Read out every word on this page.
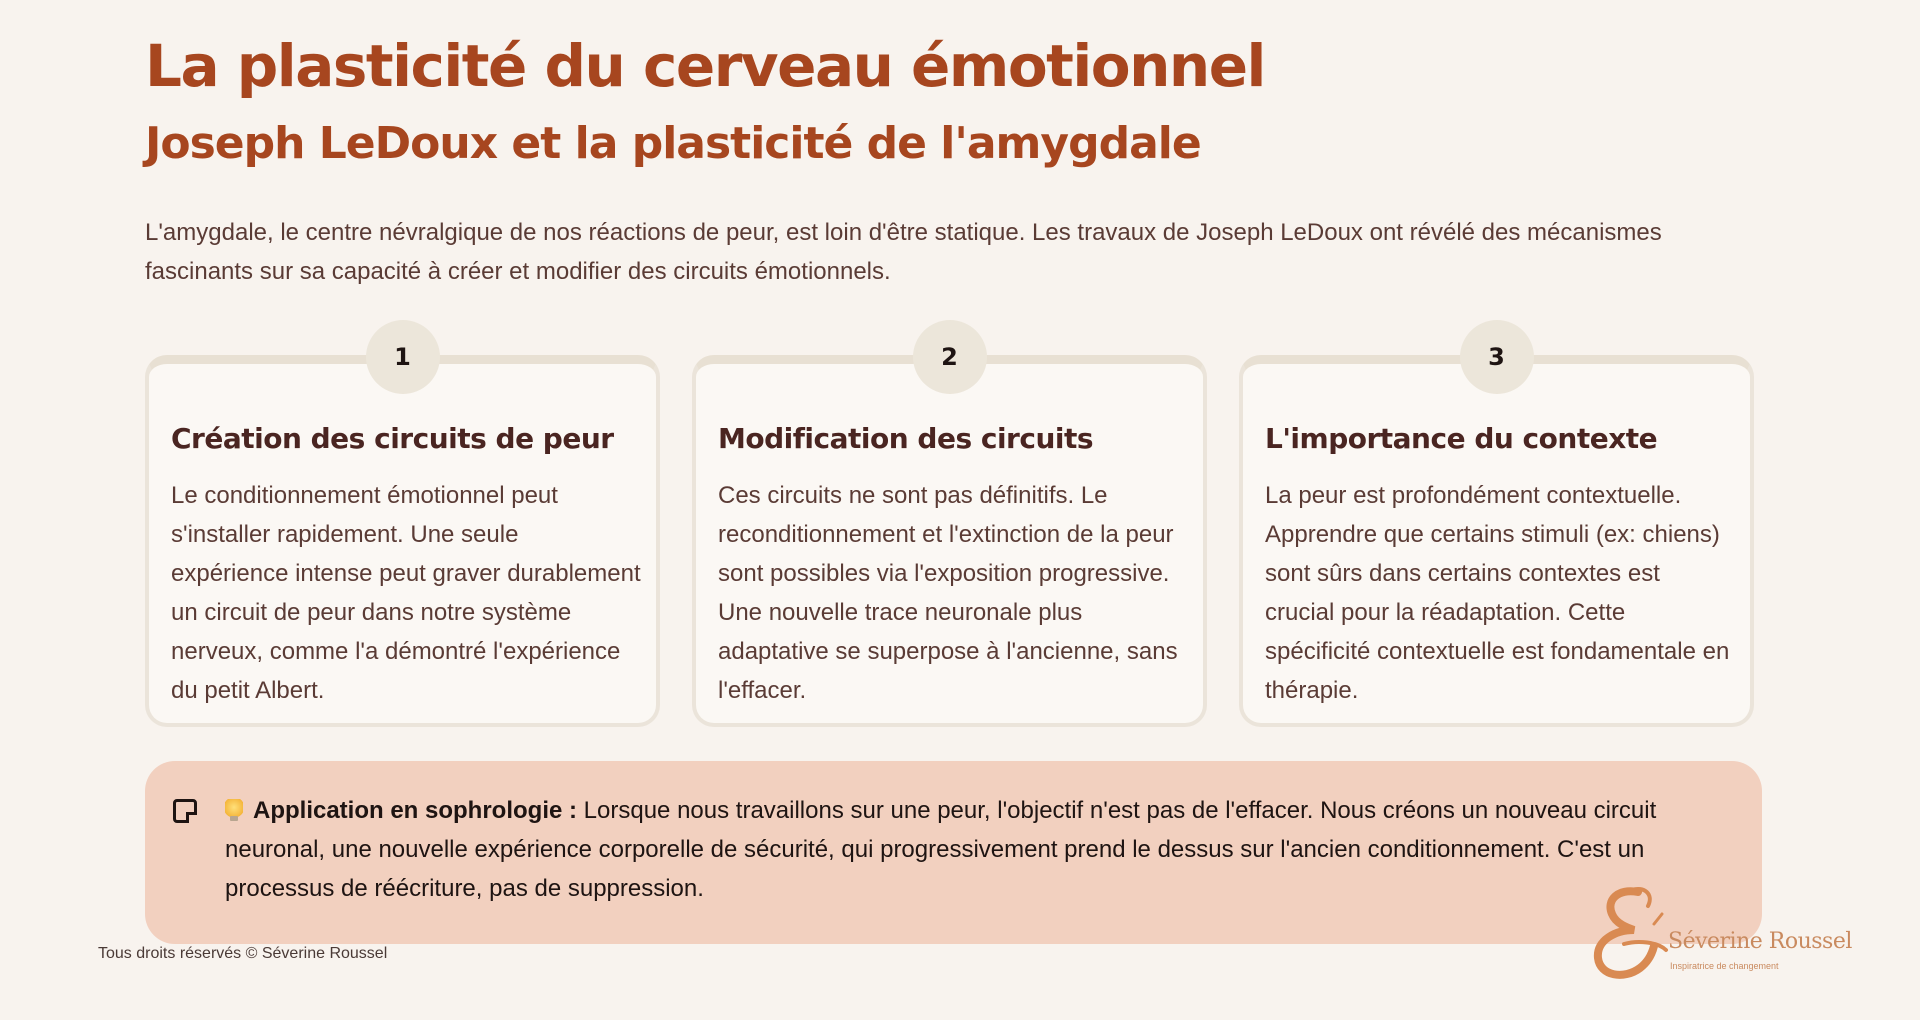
La plasticité du cerveau émotionnel
Joseph LeDoux et la plasticité de l'amygdale

L'amygdale, le centre névralgique de nos réactions de peur, est loin d'être statique. Les travaux de Joseph LeDoux ont révélé des mécanismes fascinants sur sa capacité à créer et modifier des circuits émotionnels.

1
Création des circuits de peur

Le conditionnement émotionnel peut s'installer rapidement. Une seule expérience intense peut graver durablement un circuit de peur dans notre système nerveux, comme l'a démontré l'expérience du petit Albert.

2
Modification des circuits

Ces circuits ne sont pas définitifs. Le reconditionnement et l'extinction de la peur sont possibles via l'exposition progressive. Une nouvelle trace neuronale plus adaptative se superpose à l'ancienne, sans l'effacer.

3
L'importance du contexte

La peur est profondément contextuelle. Apprendre que certains stimuli (ex: chiens) sont sûrs dans certains contextes est crucial pour la réadaptation. Cette spécificité contextuelle est fondamentale en thérapie.

Application en sophrologie : Lorsque nous travaillons sur une peur, l'objectif n'est pas de l'effacer. Nous créons un nouveau circuit neuronal, une nouvelle expérience corporelle de sécurité, qui progressivement prend le dessus sur l'ancien conditionnement. C'est un processus de réécriture, pas de suppression.

Tous droits réservés © Séverine Roussel	Séverine Roussel
Inspiratrice de changement
